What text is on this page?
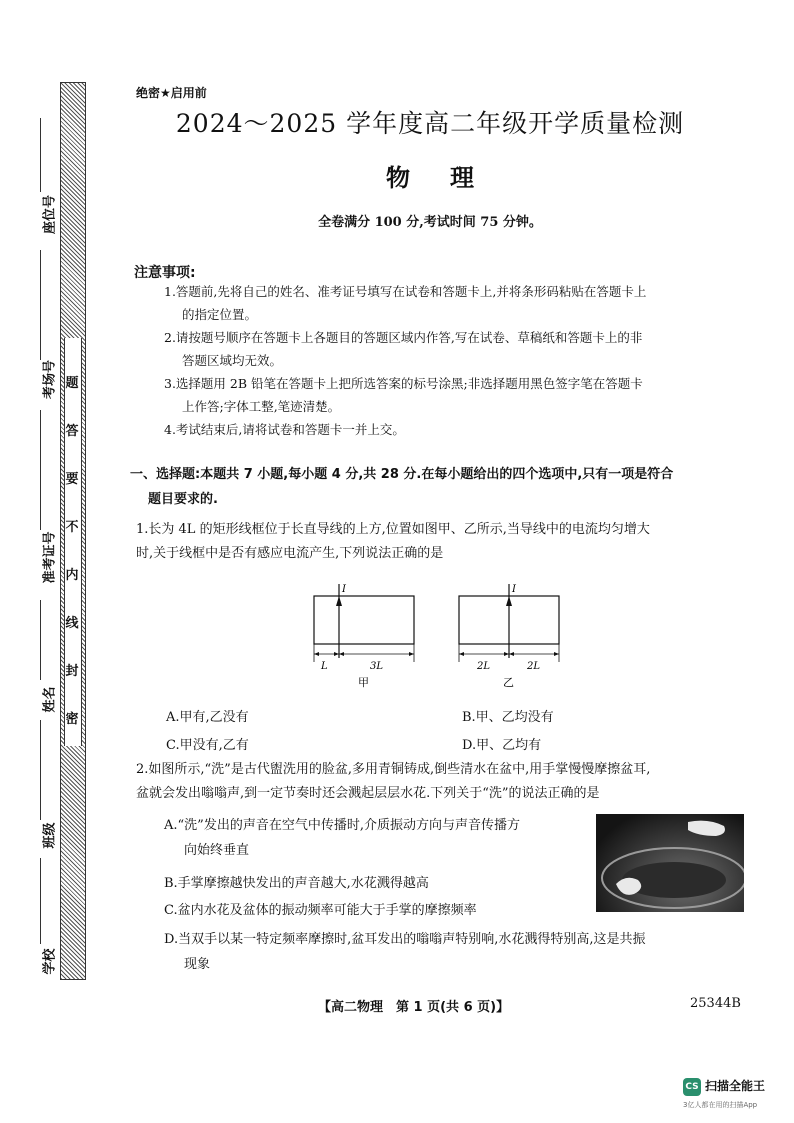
题
答
要
不
内
线
封
密
座位号
考场号
准考证号
姓名
班级
学校
绝密★启用前
2024～2025 学年度高二年级开学质量检测
物理
全卷满分 100 分,考试时间 75 分钟。
注意事项:
1.答题前,先将自己的姓名、准考证号填写在试卷和答题卡上,并将条形码粘贴在答题卡上
的指定位置。
2.请按题号顺序在答题卡上各题目的答题区域内作答,写在试卷、草稿纸和答题卡上的非
答题区域均无效。
3.选择题用 2B 铅笔在答题卡上把所选答案的标号涂黑;非选择题用黑色签字笔在答题卡
上作答;字体工整,笔迹清楚。
4.考试结束后,请将试卷和答题卡一并上交。
一、选择题:本题共 7 小题,每小题 4 分,共 28 分.在每小题给出的四个选项中,只有一项是符合
题目要求的.
1.长为 4L 的矩形线框位于长直导线的上方,位置如图甲、乙所示,当导线中的电流均匀增大
时,关于线框中是否有感应电流产生,下列说法正确的是
I
L	3L
甲
I
2L	2L
乙
A.甲有,乙没有	B.甲、乙均没有
C.甲没有,乙有	D.甲、乙均有
2.如图所示,“洗”是古代盥洗用的脸盆,多用青铜铸成,倒些清水在盆中,用手掌慢慢摩擦盆耳,
盆就会发出嗡嗡声,到一定节奏时还会溅起层层水花.下列关于“洗”的说法正确的是
A.“洗”发出的声音在空气中传播时,介质振动方向与声音传播方
向始终垂直
B.手掌摩擦越快发出的声音越大,水花溅得越高
C.盆内水花及盆体的振动频率可能大于手掌的摩擦频率
D.当双手以某一特定频率摩擦时,盆耳发出的嗡嗡声特别响,水花溅得特别高,这是共振
现象
【高二物理　第 1 页(共 6 页)】	25344B
CS 扫描全能王
3亿人都在用的扫描App
